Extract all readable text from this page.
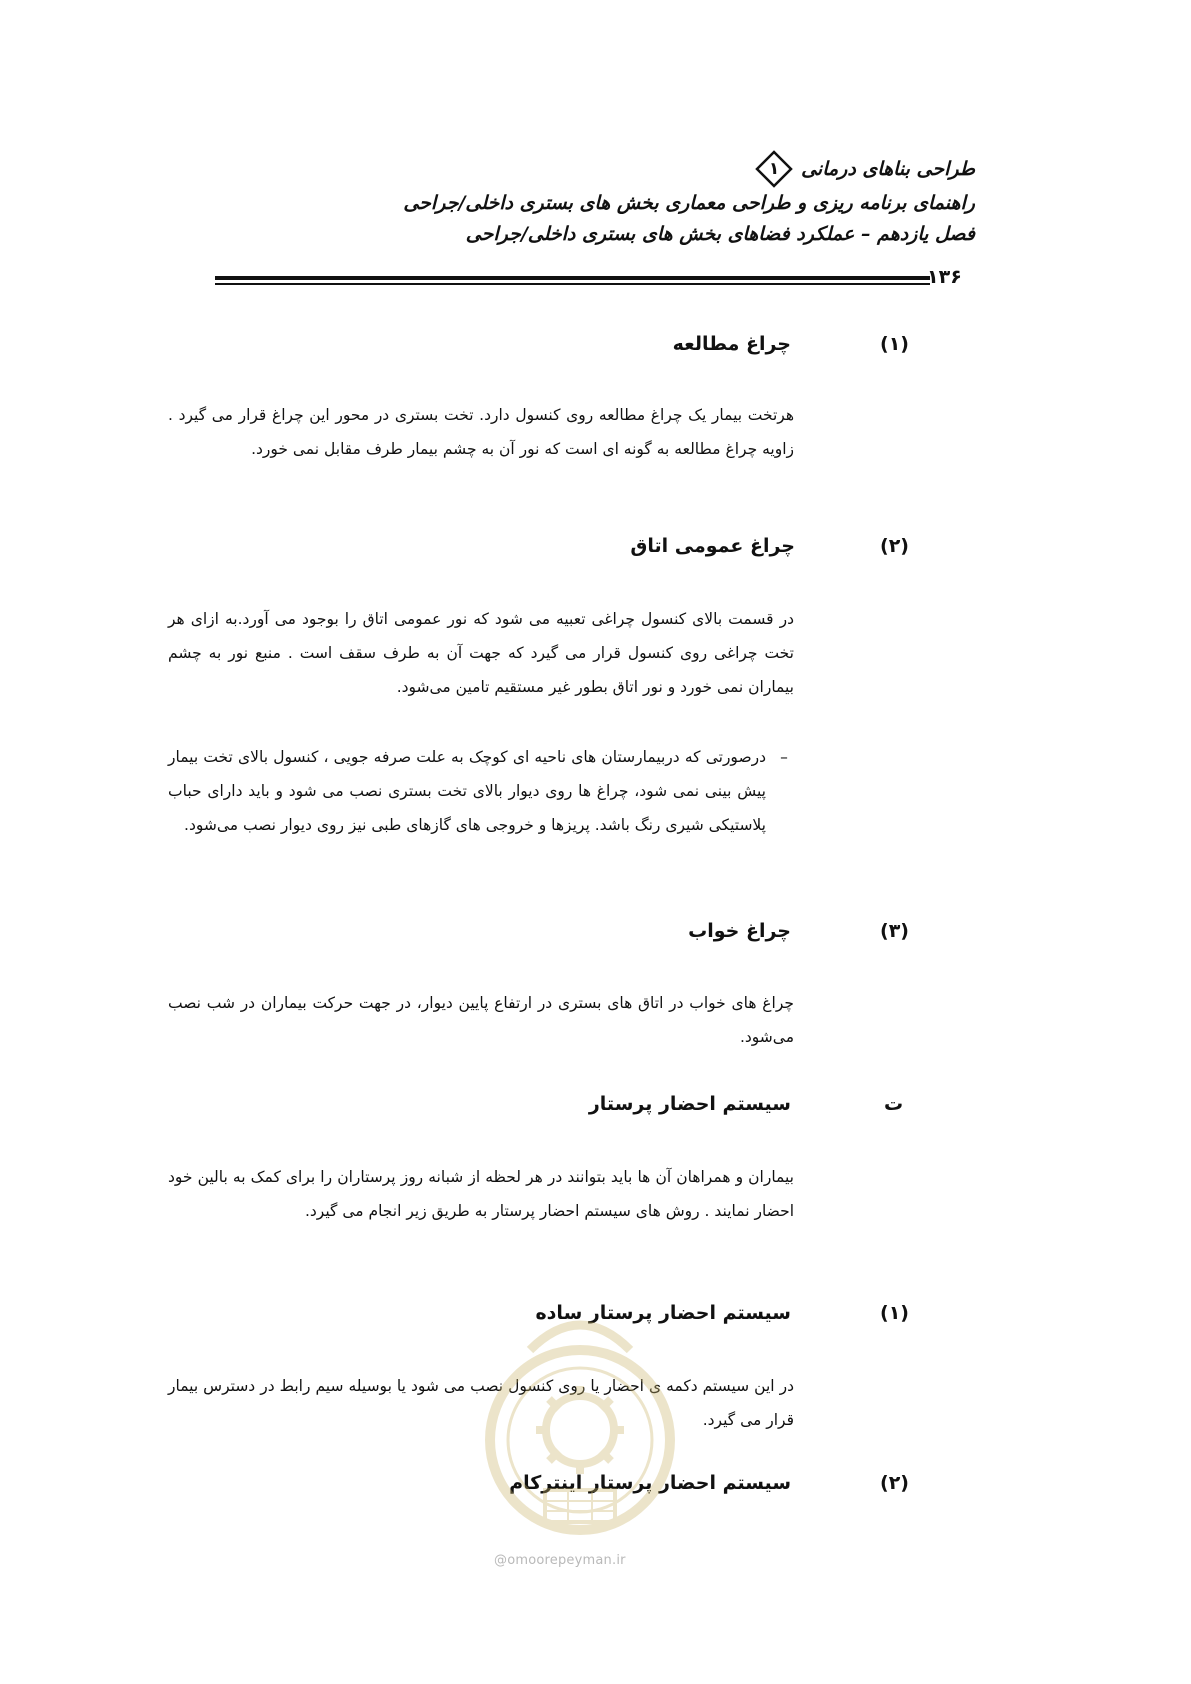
طراحی بناهای درمانی
۱
راهنمای برنامه ریزی و طراحی معماری بخش های بستری داخلی/جراحی
فصل یازدهم – عملکرد فضاهای بخش های بستری داخلی/جراحی
۱۳۶
(۱)
چراغ مطالعه
هرتخت بیمار یک چراغ مطالعه روی کنسول دارد. تخت بستری در محور این چراغ قرار می گیرد . زاویه چراغ مطالعه به گونه ای است که نور آن به چشم بیمار طرف مقابل نمی خورد.
(۲)
چراغ عمومی اتاق
در قسمت بالای کنسول چراغی تعبیه می شود که نور عمومی اتاق را بوجود می آورد.به ازای هر تخت چراغی روی کنسول قرار می گیرد که جهت آن به طرف سقف است . منبع نور به چشم بیماران نمی خورد و نور اتاق بطور غیر مستقیم تامین می‌شود.
–
درصورتی که دربیمارستان های ناحیه ای کوچک به علت صرفه جویی ، کنسول بالای تخت بیمار پیش بینی نمی شود، چراغ ها روی دیوار بالای تخت بستری نصب می شود و باید دارای حباب پلاستیکی شیری رنگ باشد. پریزها و خروجی های گازهای طبی نیز روی دیوار نصب می‌شود.
(۳)
چراغ خواب
چراغ های خواب در اتاق های بستری در ارتفاع پایین دیوار، در جهت حرکت بیماران در شب نصب می‌شود.
ت
سیستم احضار پرستار
بیماران و همراهان آن ها باید بتوانند در هر لحظه از شبانه روز پرستاران را برای کمک به بالین خود احضار نمایند . روش های سیستم احضار پرستار به طریق زیر انجام می گیرد.
(۱)
سیستم احضار پرستار ساده
در این سیستم دکمه ی احضار یا روی کنسول نصب می شود یا بوسیله سیم رابط در دسترس بیمار قرار می گیرد.
(۲)
سیستم احضار پرستار اینترکام
@omoorepeyman.ir
